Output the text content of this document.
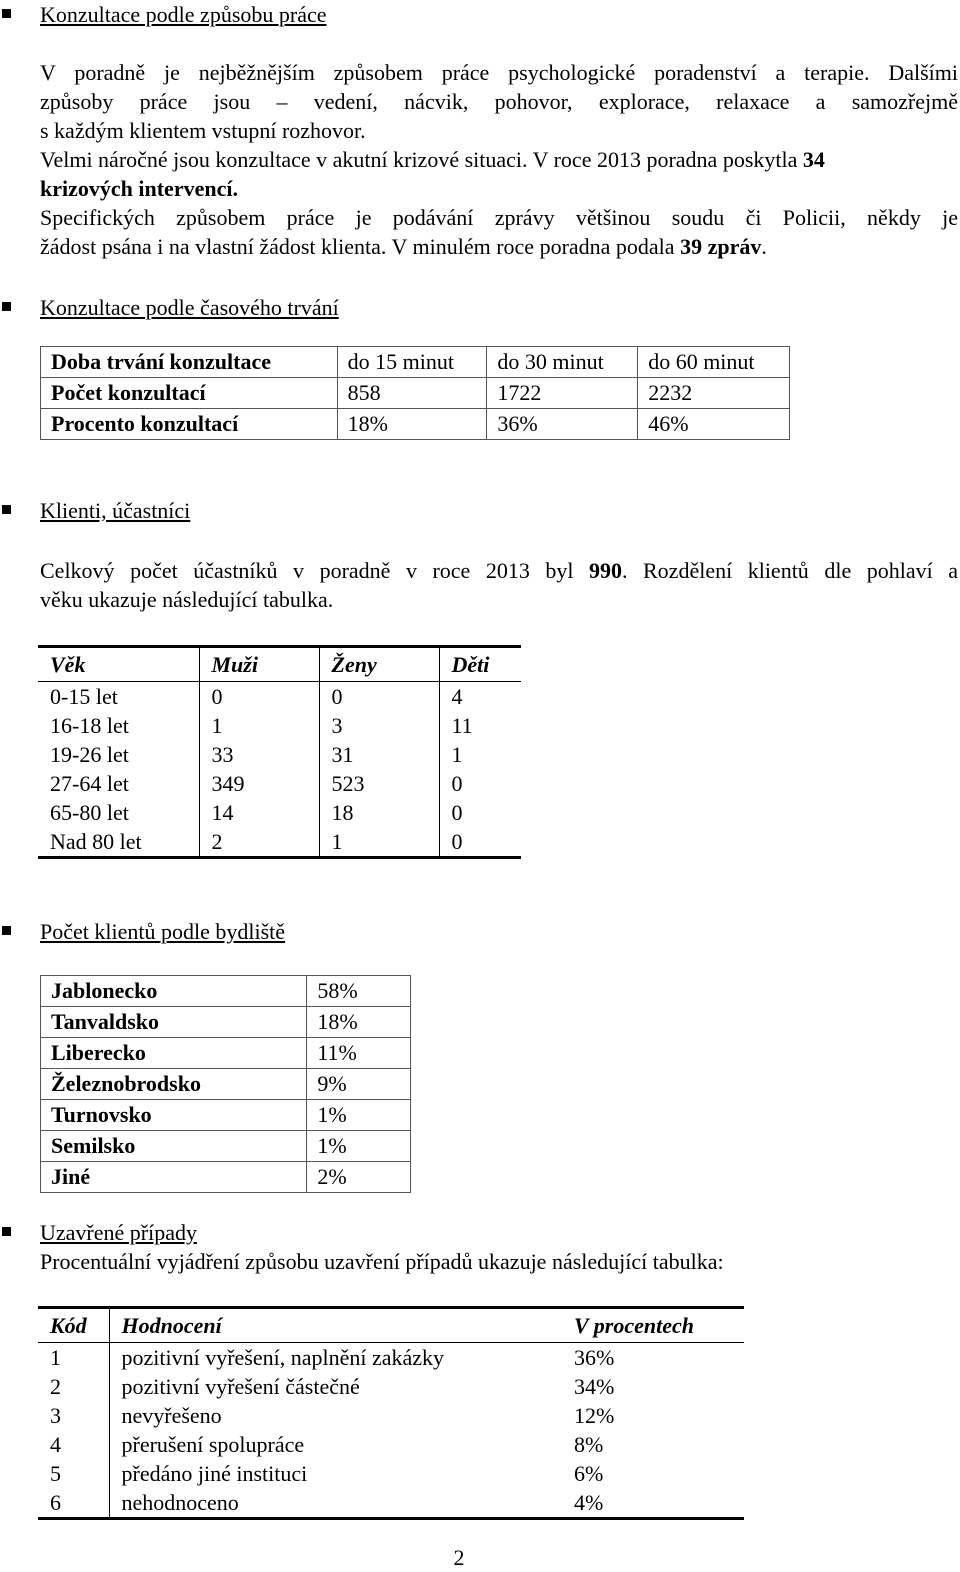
Konzultace podle způsobu práce
V poradně je nejběžnějším způsobem práce psychologické poradenství a terapie. Dalšími
způsoby práce jsou – vedení, nácvik, pohovor, explorace, relaxace a samozřejmě
s každým klientem vstupní rozhovor.
Velmi náročné jsou konzultace v akutní krizové situaci. V roce 2013 poradna poskytla 34
krizových intervencí.
Specifických způsobem práce je podávání zprávy většinou soudu či Policii, někdy je
žádost psána i na vlastní žádost klienta. V minulém roce poradna podala 39 zpráv.
Konzultace podle časového trvání
Doba trvání konzultace	do 15 minut	do 30 minut	do 60 minut
Počet konzultací	858	1722	2232
Procento konzultací	18%	36%	46%
Klienti, účastníci
Celkový počet účastníků v poradně v roce 2013 byl 990. Rozdělení klientů dle pohlaví a
věku ukazuje následující tabulka.
Věk	Muži	Ženy	Děti
0-15 let	0	0	4
16-18 let	1	3	11
19-26 let	33	31	1
27-64 let	349	523	0
65-80 let	14	18	0
Nad 80 let	2	1	0
Počet klientů podle bydliště
Jablonecko	58%
Tanvaldsko	18%
Liberecko	11%
Železnobrodsko	9%
Turnovsko	1%
Semilsko	1%
Jiné	2%
Uzavřené případy
Procentuální vyjádření způsobu uzavření případů ukazuje následující tabulka:
Kód	Hodnocení	V procentech
1	pozitivní vyřešení, naplnění zakázky	36%
2	pozitivní vyřešení částečné	34%
3	nevyřešeno	12%
4	přerušení spolupráce	8%
5	předáno jiné instituci	6%
6	nehodnoceno	4%
2
